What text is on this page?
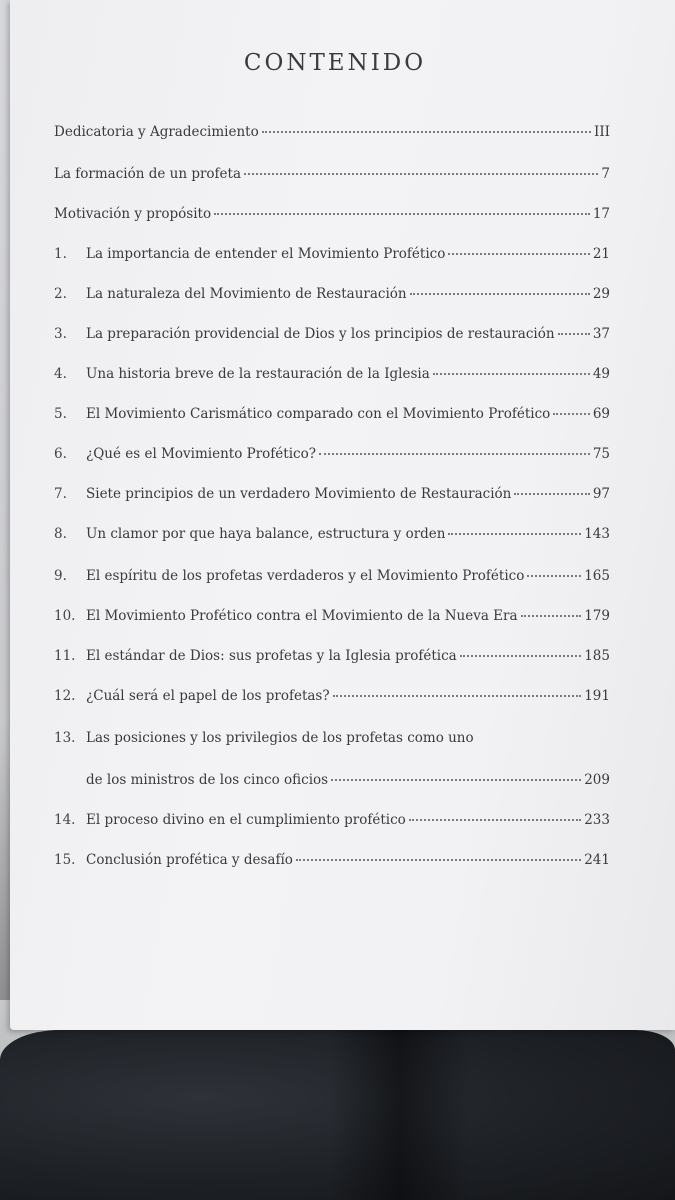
CONTENIDO
Dedicatoria y Agradecimiento	III
La formación de un profeta	7
Motivación y propósito	17
1.	La importancia de entender el Movimiento Profético	21
2.	La naturaleza del Movimiento de Restauración	29
3.	La preparación providencial de Dios y los principios de restauración	37
4.	Una historia breve de la restauración de la Iglesia	49
5.	El Movimiento Carismático comparado con el Movimiento Profético	69
6.	¿Qué es el Movimiento Profético?	75
7.	Siete principios de un verdadero Movimiento de Restauración	97
8.	Un clamor por que haya balance, estructura y orden	143
9.	El espíritu de los profetas verdaderos y el Movimiento Profético	165
10. El Movimiento Profético contra el Movimiento de la Nueva Era	179
11. El estándar de Dios: sus profetas y la Iglesia profética	185
12. ¿Cuál será el papel de los profetas?	191
13. Las posiciones y los privilegios de los profetas como uno
de los ministros de los cinco oficios	209
14. El proceso divino en el cumplimiento profético	233
15. Conclusión profética y desafío	241
